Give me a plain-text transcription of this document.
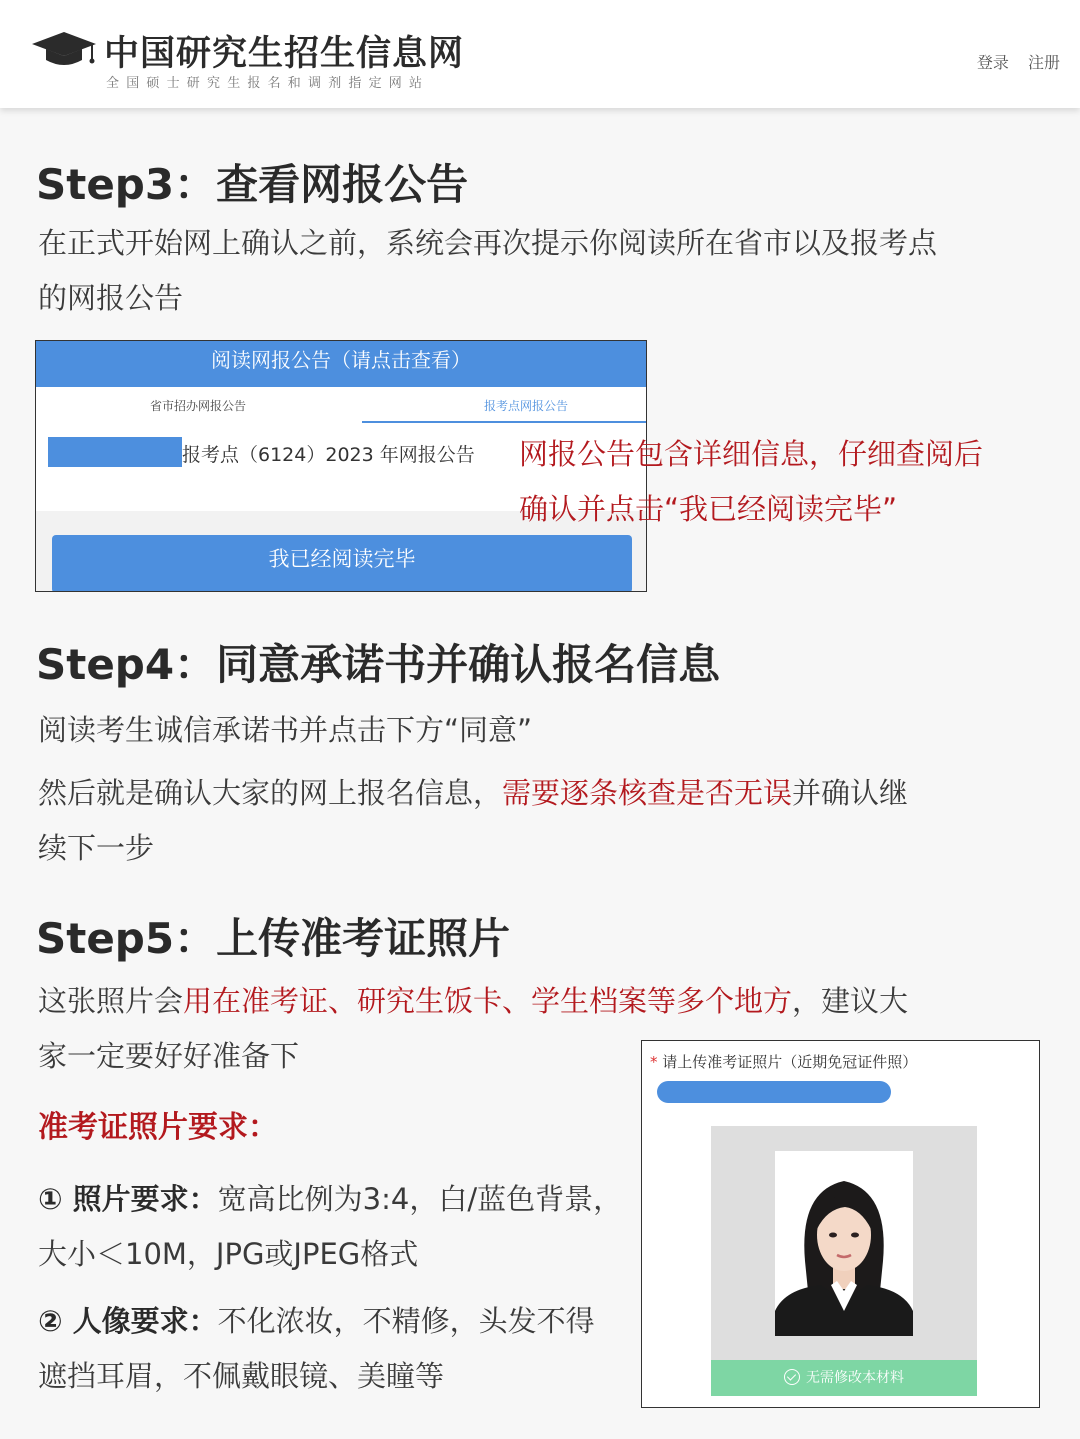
中国研究生招生信息网
全国硕士研究生报名和调剂指定网站
登录 注册
Step3：查看网报公告
在正式开始网上确认之前，系统会再次提示你阅读所在省市以及报考点
的网报公告
阅读网报公告（请点击查看）
省市招办网报公告	报考点网报公告
报考点（6124）2023 年网报公告
我已经阅读完毕
网报公告包含详细信息，仔细查阅后
确认并点击“我已经阅读完毕”
Step4：同意承诺书并确认报名信息
阅读考生诚信承诺书并点击下方“同意”
然后就是确认大家的网上报名信息，需要逐条核查是否无误并确认继
续下一步
Step5：上传准考证照片
这张照片会用在准考证、研究生饭卡、学生档案等多个地方，建议大
家一定要好好准备下
准考证照片要求：
① 照片要求：宽高比例为3:4，白/蓝色背景，
大小＜10M，JPG或JPEG格式
② 人像要求：不化浓妆，不精修，头发不得
遮挡耳眉，不佩戴眼镜、美瞳等
* 请上传准考证照片（近期免冠证件照）
无需修改本材料
